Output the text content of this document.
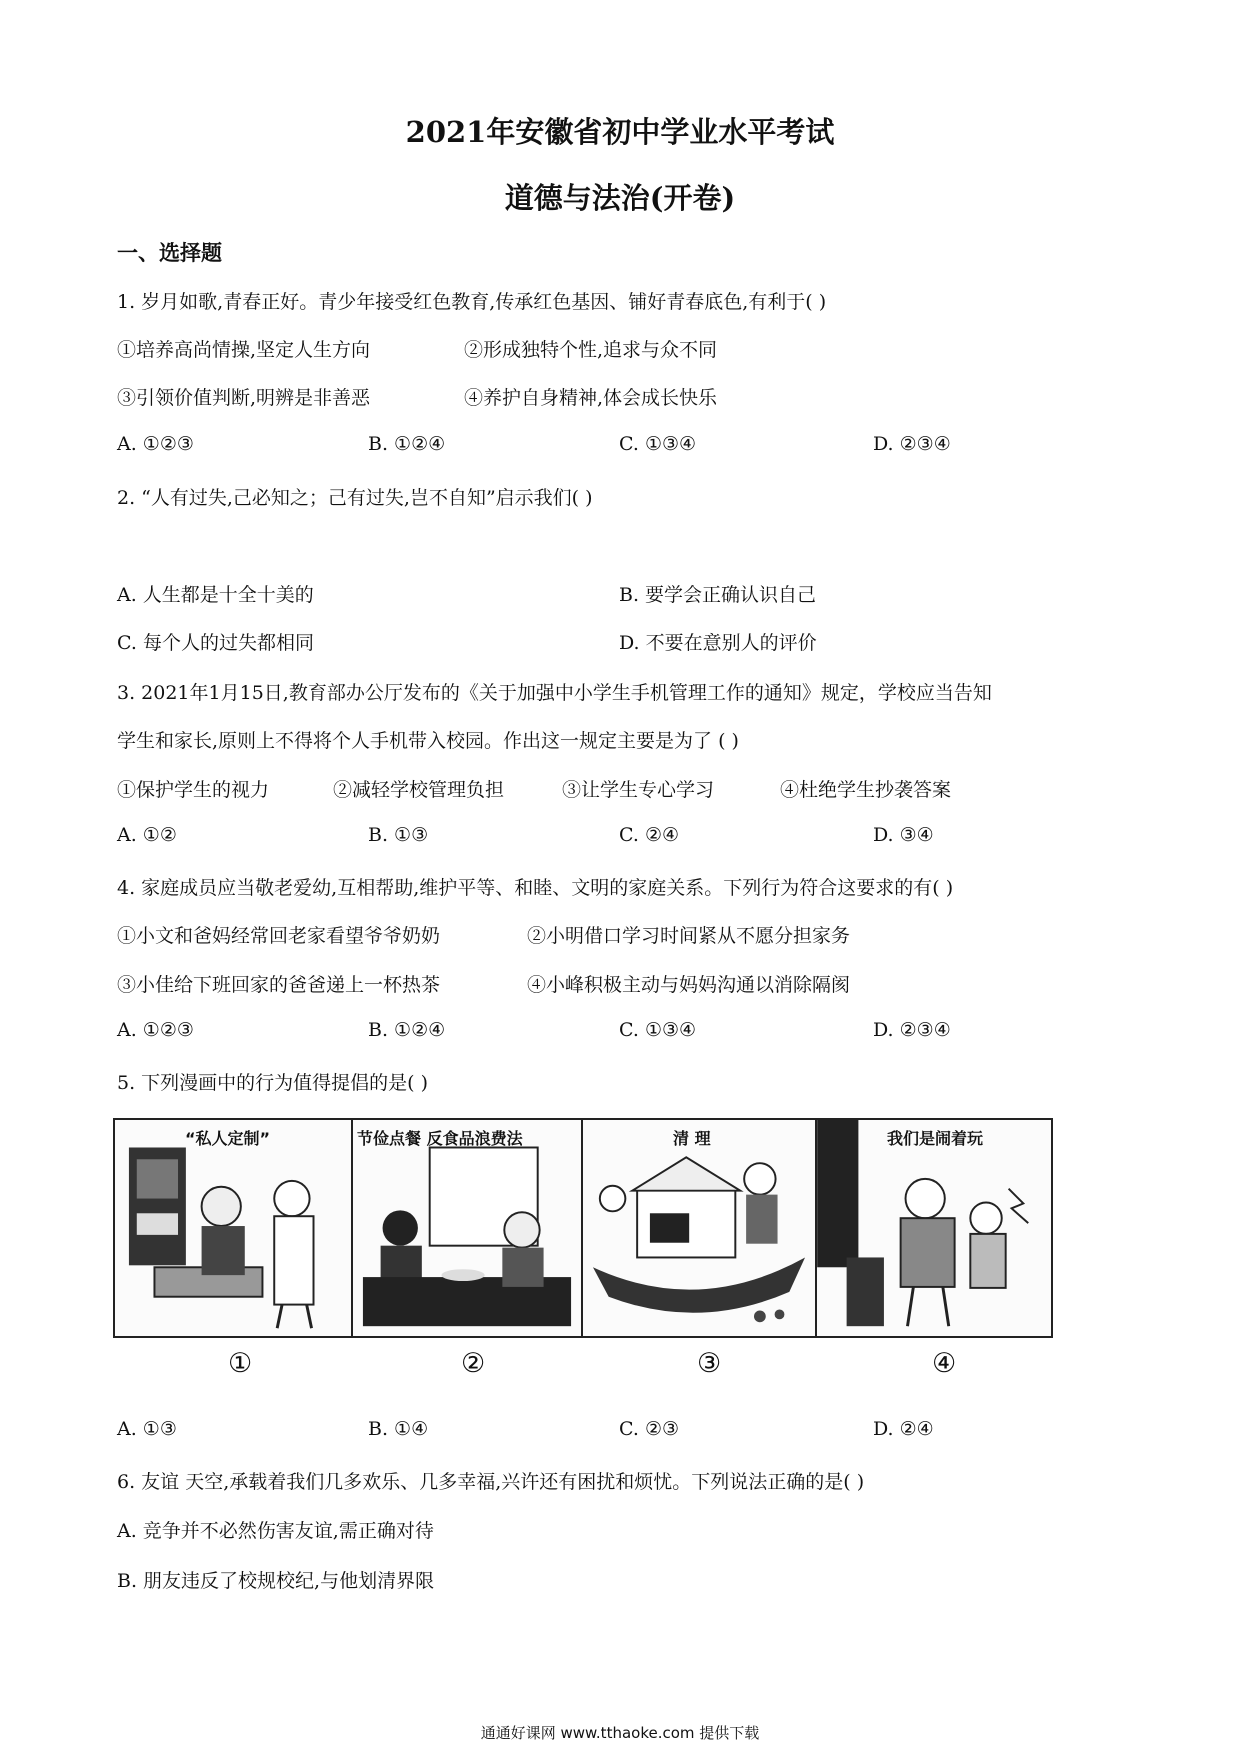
2021年安徽省初中学业水平考试
道德与法治(开卷)
一、选择题
1. 岁月如歌,青春正好。青少年接受红色教育,传承红色基因、铺好青春底色,有利于( )
①培养高尚情操,坚定人生方向	②形成独特个性,追求与众不同
③引领价值判断,明辨是非善恶	④养护自身精神,体会成长快乐
A. ①②③	B. ①②④	C. ①③④	D. ②③④
2. “人有过失,己必知之；己有过失,岂不自知”启示我们( )
A. 人生都是十全十美的	B. 要学会正确认识自己
C. 每个人的过失都相同	D. 不要在意别人的评价
3. 2021年1月15日,教育部办公厅发布的《关于加强中小学生手机管理工作的通知》规定，学校应当告知
学生和家长,原则上不得将个人手机带入校园。作出这一规定主要是为了 ( )
①保护学生的视力	②减轻学校管理负担	③让学生专心学习	④杜绝学生抄袭答案
A. ①②	B. ①③	C. ②④	D. ③④
4. 家庭成员应当敬老爱幼,互相帮助,维护平等、和睦、文明的家庭关系。下列行为符合这要求的有( )
①小文和爸妈经常回老家看望爷爷奶奶	②小明借口学习时间紧从不愿分担家务
③小佳给下班回家的爸爸递上一杯热茶	④小峰积极主动与妈妈沟通以消除隔阂
A. ①②③	B. ①②④	C. ①③④	D. ②③④
5. 下列漫画中的行为值得提倡的是( )
“私人定制”	节俭点餐 反食品浪费法	清 理	我们是闹着玩
①	②	③	④
A. ①③	B. ①④	C. ②③	D. ②④
6. 友谊 天空,承载着我们几多欢乐、几多幸福,兴许还有困扰和烦忧。下列说法正确的是( )
A. 竞争并不必然伤害友谊,需正确对待
B. 朋友违反了校规校纪,与他划清界限
通通好课网 www.tthaoke.com 提供下载
